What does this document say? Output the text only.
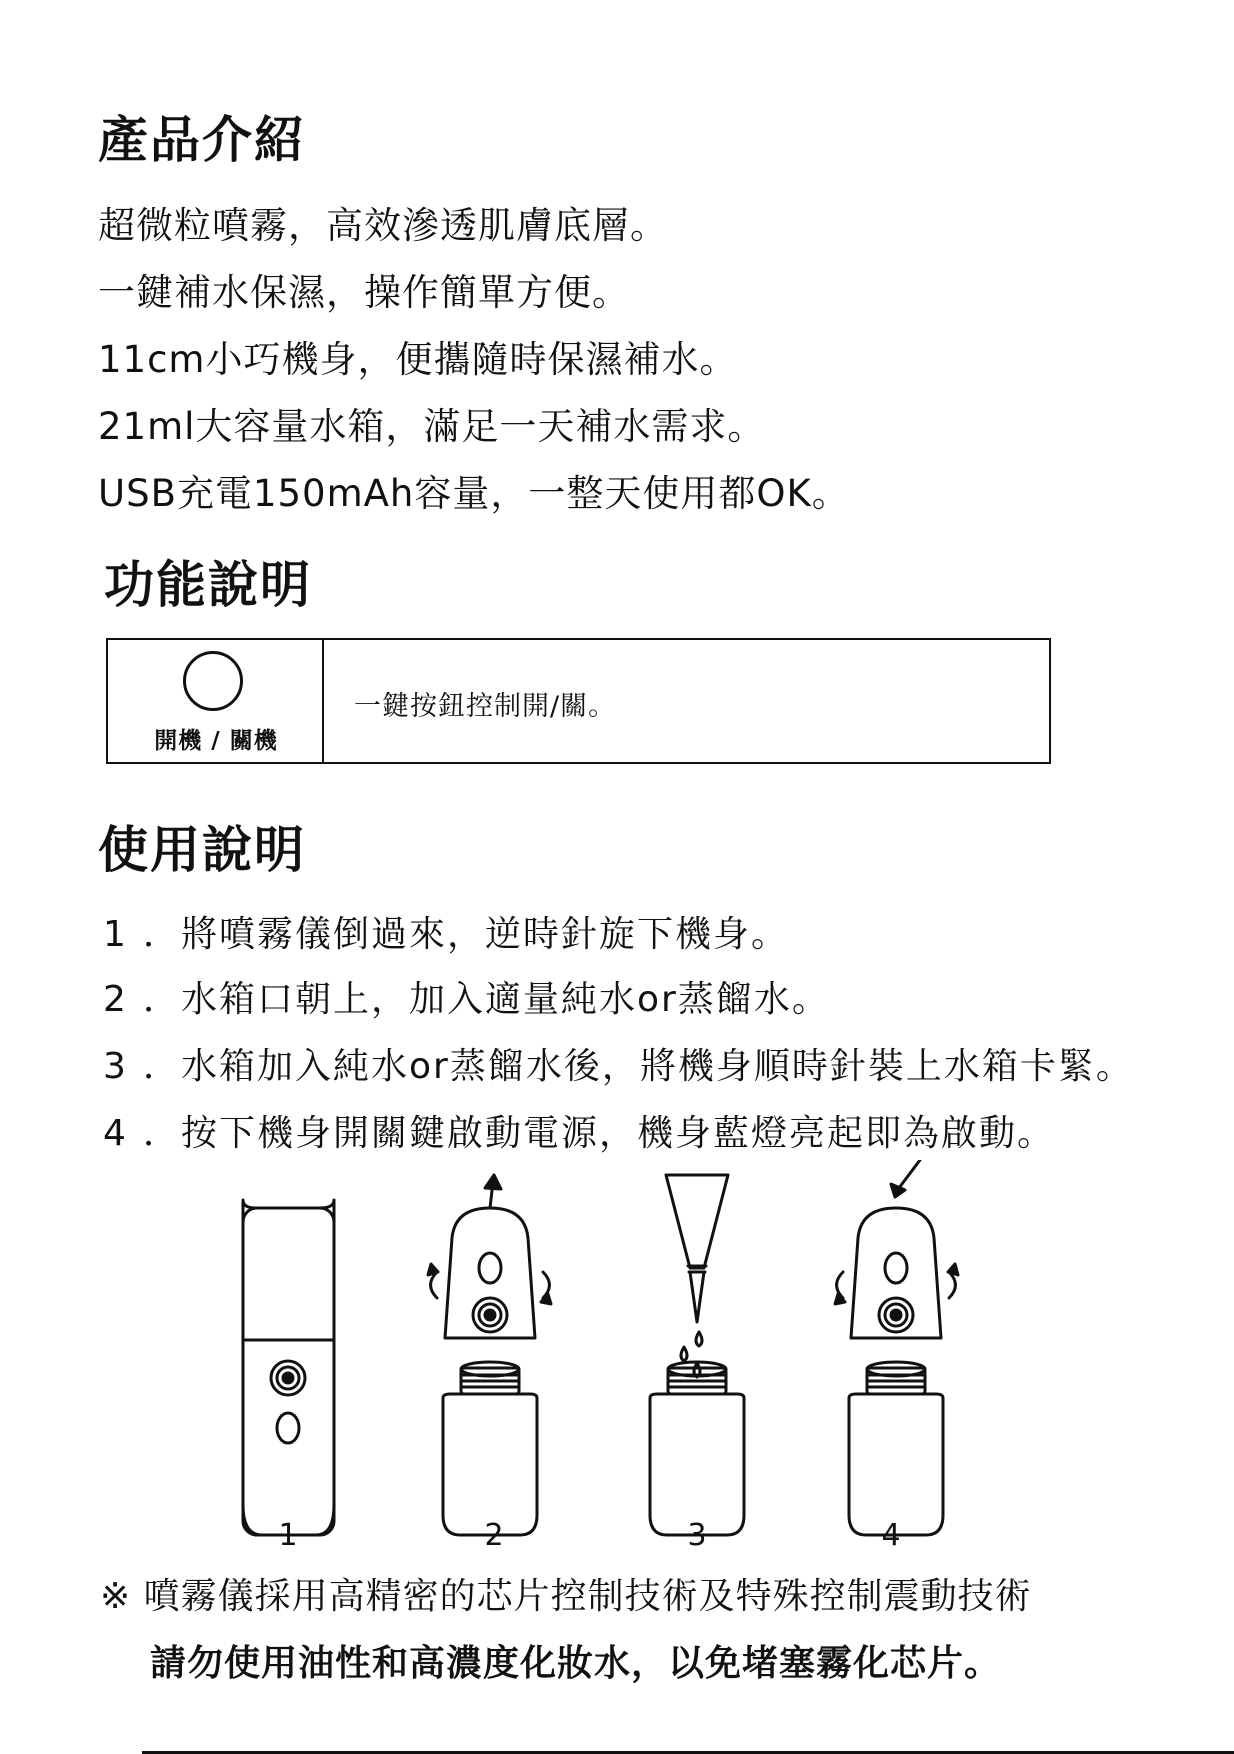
產品介紹
超微粒噴霧，高效滲透肌膚底層。
一鍵補水保濕，操作簡單方便。
11cm小巧機身，便攜隨時保濕補水。
21ml大容量水箱，滿足一天補水需求。
USB充電150mAh容量，一整天使用都OK。
功能說明
開機 / 關機
一鍵按鈕控制開/關。
使用說明
1 ．將噴霧儀倒過來，逆時針旋下機身。
2 ．水箱口朝上，加入適量純水or蒸餾水。
3 ．水箱加入純水or蒸餾水後，將機身順時針裝上水箱卡緊。
4 ．按下機身開關鍵啟動電源，機身藍燈亮起即為啟動。
1	2	3	4
※ 噴霧儀採用高精密的芯片控制技術及特殊控制震動技術
請勿使用油性和高濃度化妝水，以免堵塞霧化芯片。
